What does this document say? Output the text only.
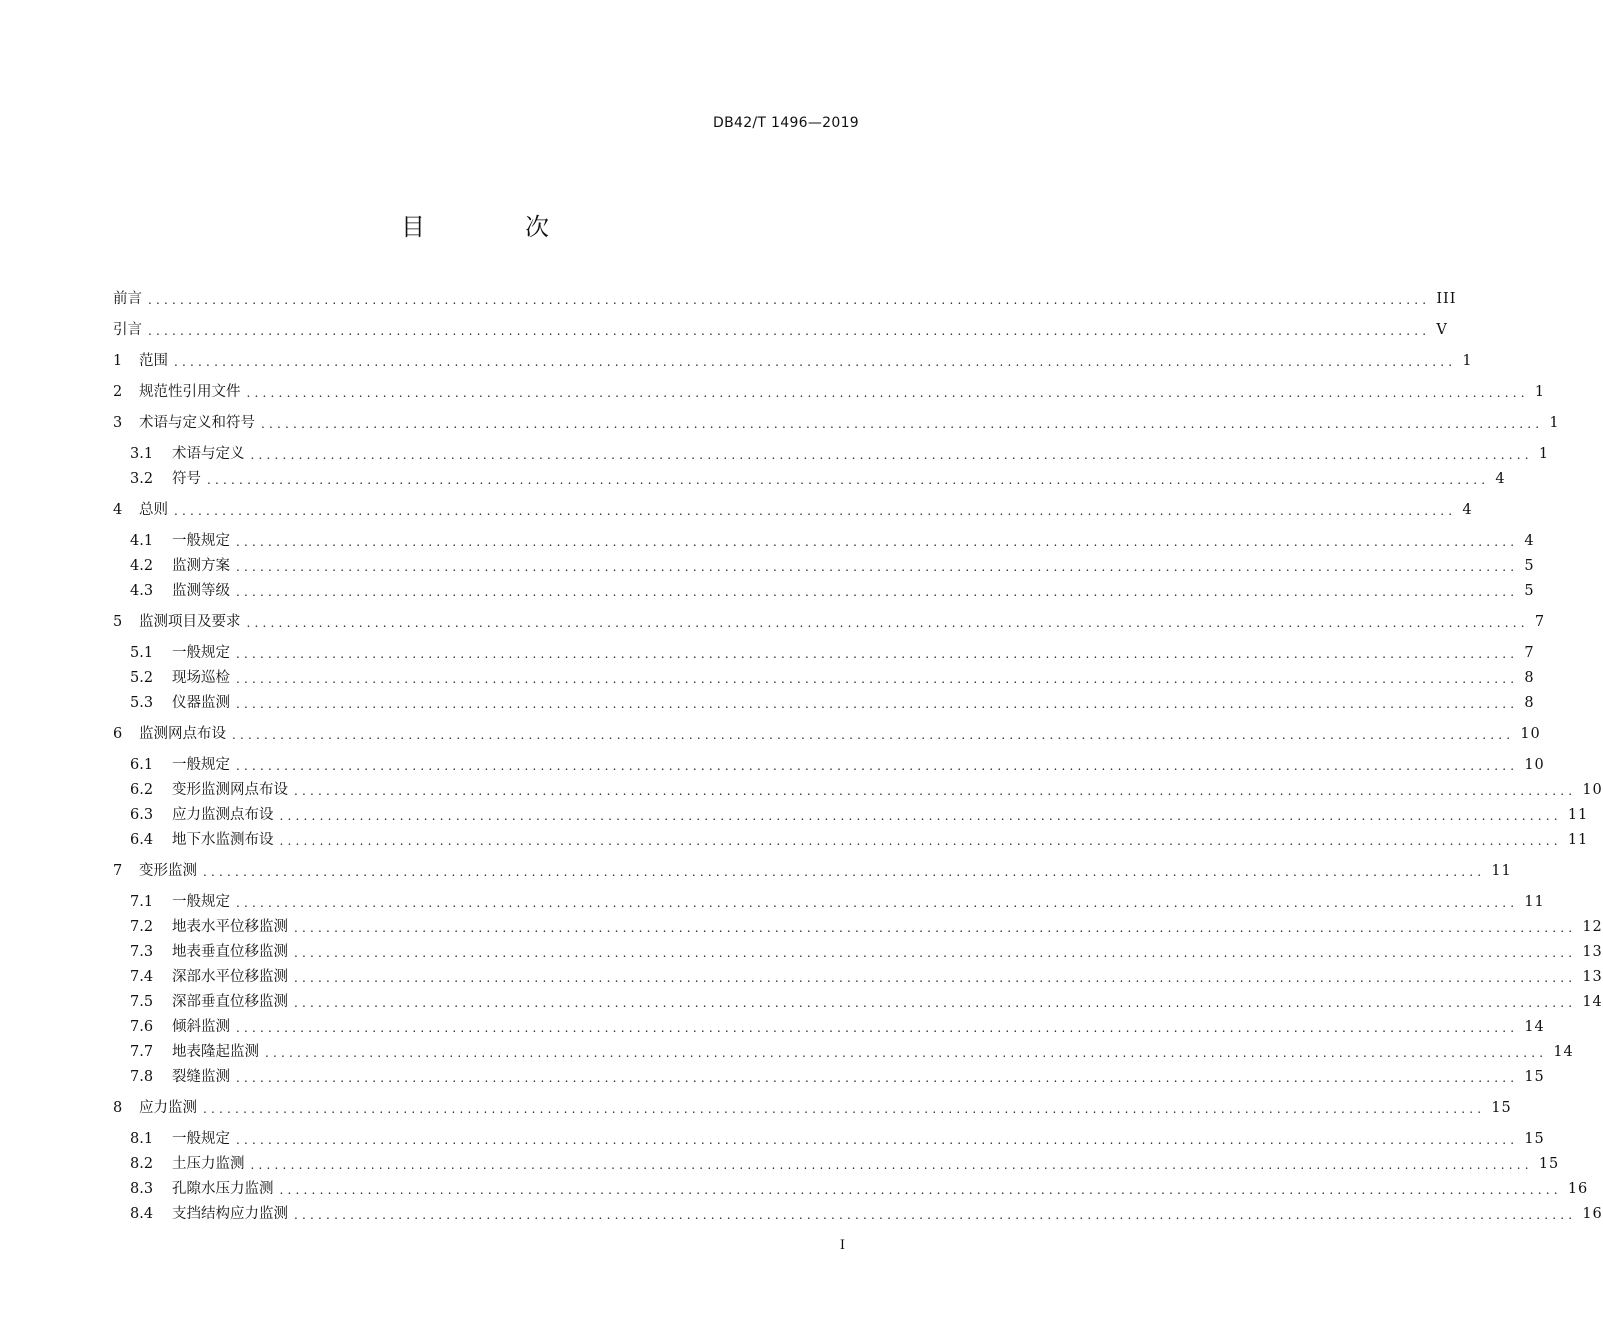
DB42/T 1496—2019
目　次
前言 ................................................................................................................................................................ III
引言 ................................................................................................................................................................ V
1	范围 ................................................................................................................................................................ 1
2	规范性引用文件 ................................................................................................................................................................ 1
3	术语与定义和符号 ................................................................................................................................................................ 1
3.1	术语与定义 ................................................................................................................................................................ 1
3.2	符号 ................................................................................................................................................................ 4
4	总则 ................................................................................................................................................................ 4
4.1	一般规定 ................................................................................................................................................................ 4
4.2	监测方案 ................................................................................................................................................................ 5
4.3	监测等级 ................................................................................................................................................................ 5
5	监测项目及要求 ................................................................................................................................................................ 7
5.1	一般规定 ................................................................................................................................................................ 7
5.2	现场巡检 ................................................................................................................................................................ 8
5.3	仪器监测 ................................................................................................................................................................ 8
6	监测网点布设 ................................................................................................................................................................ 10
6.1	一般规定 ................................................................................................................................................................ 10
6.2	变形监测网点布设 ................................................................................................................................................................ 10
6.3	应力监测点布设 ................................................................................................................................................................ 11
6.4	地下水监测布设 ................................................................................................................................................................ 11
7	变形监测 ................................................................................................................................................................ 11
7.1	一般规定 ................................................................................................................................................................ 11
7.2	地表水平位移监测 ................................................................................................................................................................ 12
7.3	地表垂直位移监测 ................................................................................................................................................................ 13
7.4	深部水平位移监测 ................................................................................................................................................................ 13
7.5	深部垂直位移监测 ................................................................................................................................................................ 14
7.6	倾斜监测 ................................................................................................................................................................ 14
7.7	地表隆起监测 ................................................................................................................................................................ 14
7.8	裂缝监测 ................................................................................................................................................................ 15
8	应力监测 ................................................................................................................................................................ 15
8.1	一般规定 ................................................................................................................................................................ 15
8.2	土压力监测 ................................................................................................................................................................ 15
8.3	孔隙水压力监测 ................................................................................................................................................................ 16
8.4	支挡结构应力监测 ................................................................................................................................................................ 16
I
